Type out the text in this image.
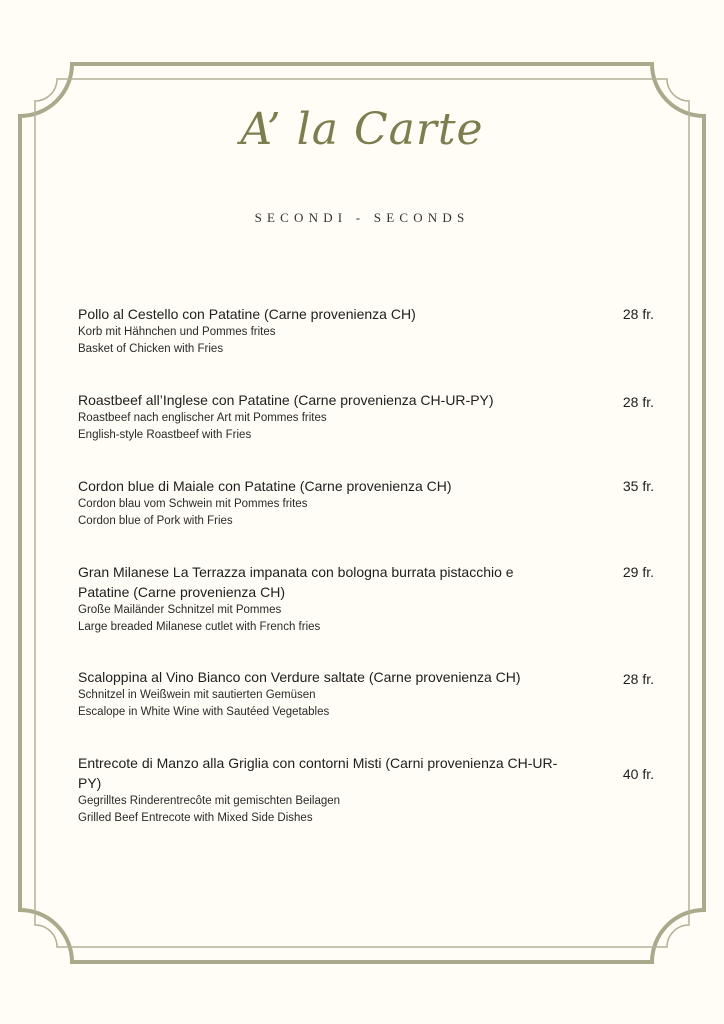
A’ la Carte
SECONDI - SECONDS
Pollo al Cestello con Patatine (Carne provenienza CH)
Korb mit Hähnchen und Pommes frites
Basket of Chicken with Fries
28 fr.
Roastbeef all’Inglese con Patatine (Carne provenienza CH-UR-PY)
Roastbeef nach englischer Art mit Pommes frites
English-style Roastbeef with Fries
28 fr.
Cordon blue di Maiale con Patatine (Carne provenienza CH)
Cordon blau vom Schwein mit Pommes frites
Cordon blue of Pork with Fries
35 fr.
Gran Milanese La Terrazza impanata con bologna burrata pistacchio e Patatine (Carne provenienza CH)
Große Mailänder Schnitzel mit Pommes
Large breaded Milanese cutlet with French fries
29 fr.
Scaloppina al Vino Bianco con Verdure saltate (Carne provenienza CH)
Schnitzel in Weißwein mit sautierten Gemüsen
Escalope in White Wine with Sautéed Vegetables
28 fr.
Entrecote di Manzo alla Griglia con contorni Misti (Carni provenienza CH-UR-PY)
Gegrilltes Rinderentrecôte mit gemischten Beilagen
Grilled Beef Entrecote with Mixed Side Dishes
40 fr.
